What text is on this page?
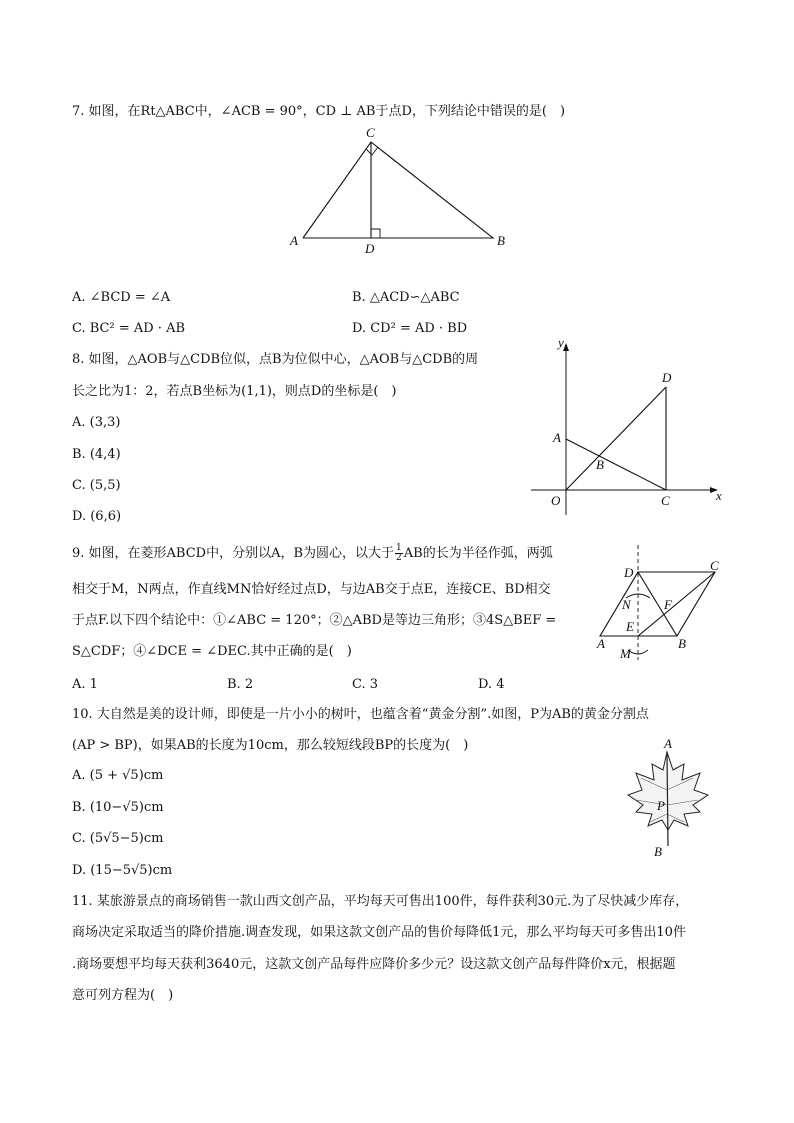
7. 如图，在Rt△ABC中，∠ACB = 90°，CD ⊥ AB于点D，下列结论中错误的是(　)
C
A	B
D
A. ∠BCD = ∠A	B. △ACD∽△ABC
C. BC² = AD · AB	D. CD² = AD · BD
8. 如图，△AOB与△CDB位似，点B为位似中心，△AOB与△CDB的周
长之比为1：2，若点B坐标为(1,1)，则点D的坐标是(　)
A. (3,3)
B. (4,4)
C. (5,5)
D. (6,6)
y
x
O
A
B
C
D
9. 如图，在菱形ABCD中，分别以A，B为圆心，以大于 $\frac{1}{2}$ AB的长为半径作弧，两弧
相交于M，N两点，作直线MN恰好经过点D，与边AB交于点E，连接CE、BD相交
于点F.以下四个结论中：①∠ABC = 120°；②△ABD是等边三角形；③4S△BEF =
S△CDF；④∠DCE = ∠DEC.其中正确的是(　)
A. 1	B. 2	C. 3	D. 4
D	C
N	F
E
A	B
M
10. 大自然是美的设计师，即使是一片小小的树叶，也蕴含着“黄金分割”.如图，P为AB的黄金分割点
(AP > BP)，如果AB的长度为10cm，那么较短线段BP的长度为(　)
A. (5 + √5)cm
B. (10−√5)cm
C. (5√5−5)cm
D. (15−5√5)cm
A
P
B
11. 某旅游景点的商场销售一款山西文创产品，平均每天可售出100件，每件获利30元.为了尽快减少库存，
商场决定采取适当的降价措施.调查发现，如果这款文创产品的售价每降低1元，那么平均每天可多售出10件
.商场要想平均每天获利3640元，这款文创产品每件应降价多少元？设这款文创产品每件降价x元，根据题
意可列方程为(　)
